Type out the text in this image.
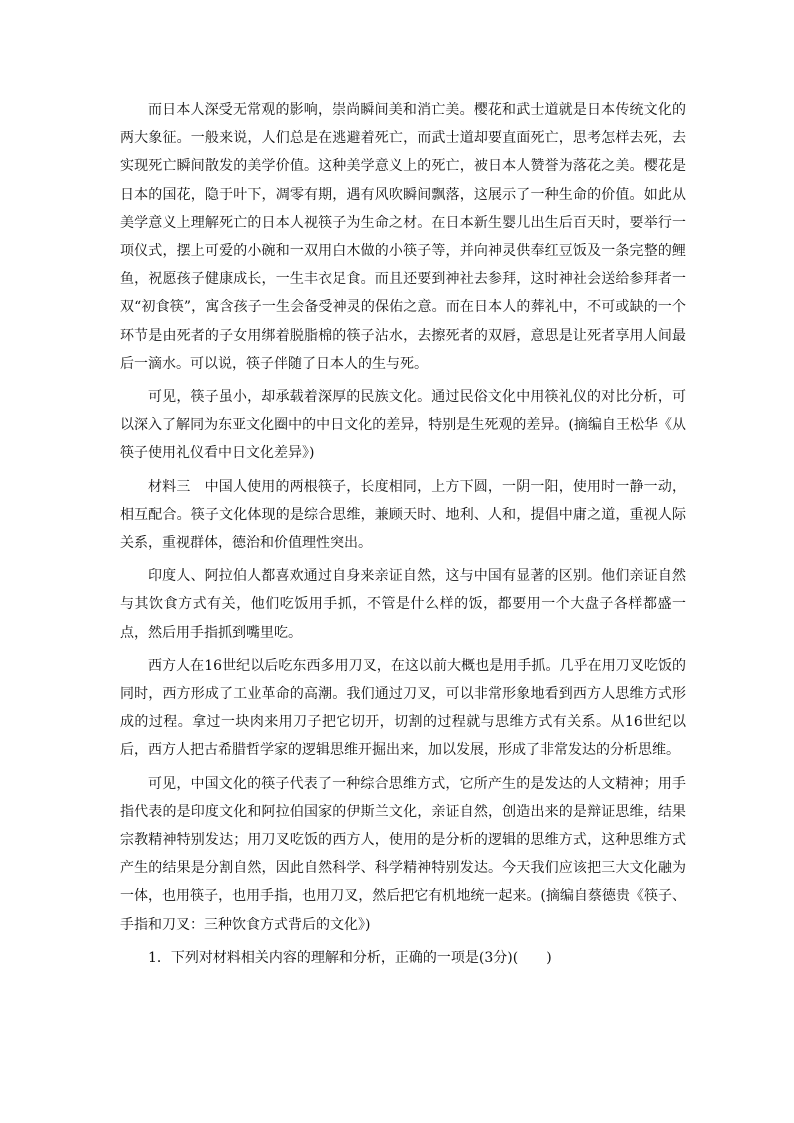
而日本人深受无常观的影响，崇尚瞬间美和消亡美。樱花和武士道就是日本传统文化的两大象征。一般来说，人们总是在逃避着死亡，而武士道却要直面死亡，思考怎样去死，去实现死亡瞬间散发的美学价值。这种美学意义上的死亡，被日本人赞誉为落花之美。樱花是日本的国花，隐于叶下，凋零有期，遇有风吹瞬间飘落，这展示了一种生命的价值。如此从美学意义上理解死亡的日本人视筷子为生命之材。在日本新生婴儿出生后百天时，要举行一项仪式，摆上可爱的小碗和一双用白木做的小筷子等，并向神灵供奉红豆饭及一条完整的鲤鱼，祝愿孩子健康成长，一生丰衣足食。而且还要到神社去参拜，这时神社会送给参拜者一双“初食筷”，寓含孩子一生会备受神灵的保佑之意。而在日本人的葬礼中，不可或缺的一个环节是由死者的子女用绑着脱脂棉的筷子沾水，去擦死者的双唇，意思是让死者享用人间最后一滴水。可以说，筷子伴随了日本人的生与死。

可见，筷子虽小，却承载着深厚的民族文化。通过民俗文化中用筷礼仪的对比分析，可以深入了解同为东亚文化圈中的中日文化的差异，特别是生死观的差异。(摘编自王松华《从筷子使用礼仪看中日文化差异》)

材料三　中国人使用的两根筷子，长度相同，上方下圆，一阴一阳，使用时一静一动，相互配合。筷子文化体现的是综合思维，兼顾天时、地利、人和，提倡中庸之道，重视人际关系，重视群体，德治和价值理性突出。

印度人、阿拉伯人都喜欢通过自身来亲证自然，这与中国有显著的区别。他们亲证自然与其饮食方式有关，他们吃饭用手抓，不管是什么样的饭，都要用一个大盘子各样都盛一点，然后用手指抓到嘴里吃。

西方人在16世纪以后吃东西多用刀叉，在这以前大概也是用手抓。几乎在用刀叉吃饭的同时，西方形成了工业革命的高潮。我们通过刀叉，可以非常形象地看到西方人思维方式形成的过程。拿过一块肉来用刀子把它切开，切割的过程就与思维方式有关系。从16世纪以后，西方人把古希腊哲学家的逻辑思维开掘出来，加以发展，形成了非常发达的分析思维。

可见，中国文化的筷子代表了一种综合思维方式，它所产生的是发达的人文精神；用手指代表的是印度文化和阿拉伯国家的伊斯兰文化，亲证自然，创造出来的是辩证思维，结果宗教精神特别发达；用刀叉吃饭的西方人，使用的是分析的逻辑的思维方式，这种思维方式产生的结果是分割自然，因此自然科学、科学精神特别发达。今天我们应该把三大文化融为一体，也用筷子，也用手指，也用刀叉，然后把它有机地统一起来。(摘编自蔡德贵《筷子、手指和刀叉：三种饮食方式背后的文化》)

1．下列对材料相关内容的理解和分析，正确的一项是(3分)(　　)
